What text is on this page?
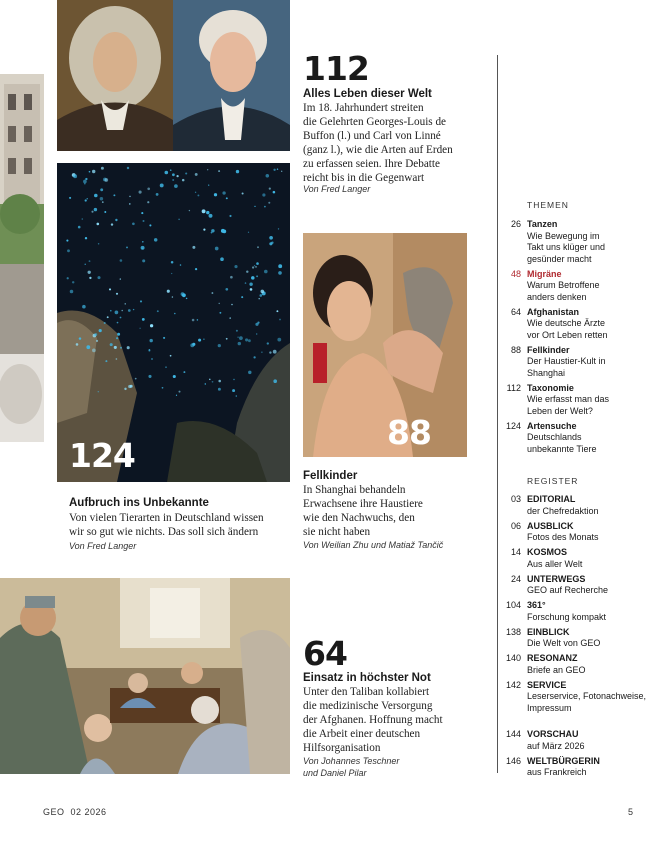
124
88
112
Alles Leben dieser Welt
Im 18. Jahrhundert streiten
die Gelehrten Georges-Louis de
Buffon (l.) und Carl von Linné
(ganz l.), wie die Arten auf Erden
zu erfassen seien. Ihre Debatte
reicht bis in die Gegenwart
Von Fred Langer
Aufbruch ins Unbekannte
Von vielen Tierarten in Deutschland wissen
wir so gut wie nichts. Das soll sich ändern
Von Fred Langer
Fellkinder
In Shanghai behandeln
Erwachsene ihre Haustiere
wie den Nachwuchs, den
sie nicht haben
Von Weilian Zhu und Matiaž Tančič
64
Einsatz in höchster Not
Unter den Taliban kollabiert
die medizinische Versorgung
der Afghanen. Hoffnung macht
die Arbeit einer deutschen
Hilfsorganisation
Von Johannes Teschner
und Daniel Pilar
THEMEN
26 Tanzen
Wie Bewegung im
Takt uns klüger und
gesünder macht
48 Migräne
Warum Betroffene
anders denken
64 Afghanistan
Wie deutsche Ärzte
vor Ort Leben retten
88 Fellkinder
Der Haustier-Kult in
Shanghai
112 Taxonomie
Wie erfasst man das
Leben der Welt?
124 Artensuche
Deutschlands
unbekannte Tiere
REGISTER
03 EDITORIAL
der Chefredaktion
06 AUSBLICK
Fotos des Monats
14 KOSMOS
Aus aller Welt
24 UNTERWEGS
GEO auf Recherche
104 361°
Forschung kompakt
138 EINBLICK
Die Welt von GEO
140 RESONANZ
Briefe an GEO
142 SERVICE
Leserservice, Fotonachweise, Impressum
144 VORSCHAU
auf März 2026
146 WELTBÜRGERIN
aus Frankreich
GEO  02 2026	5
